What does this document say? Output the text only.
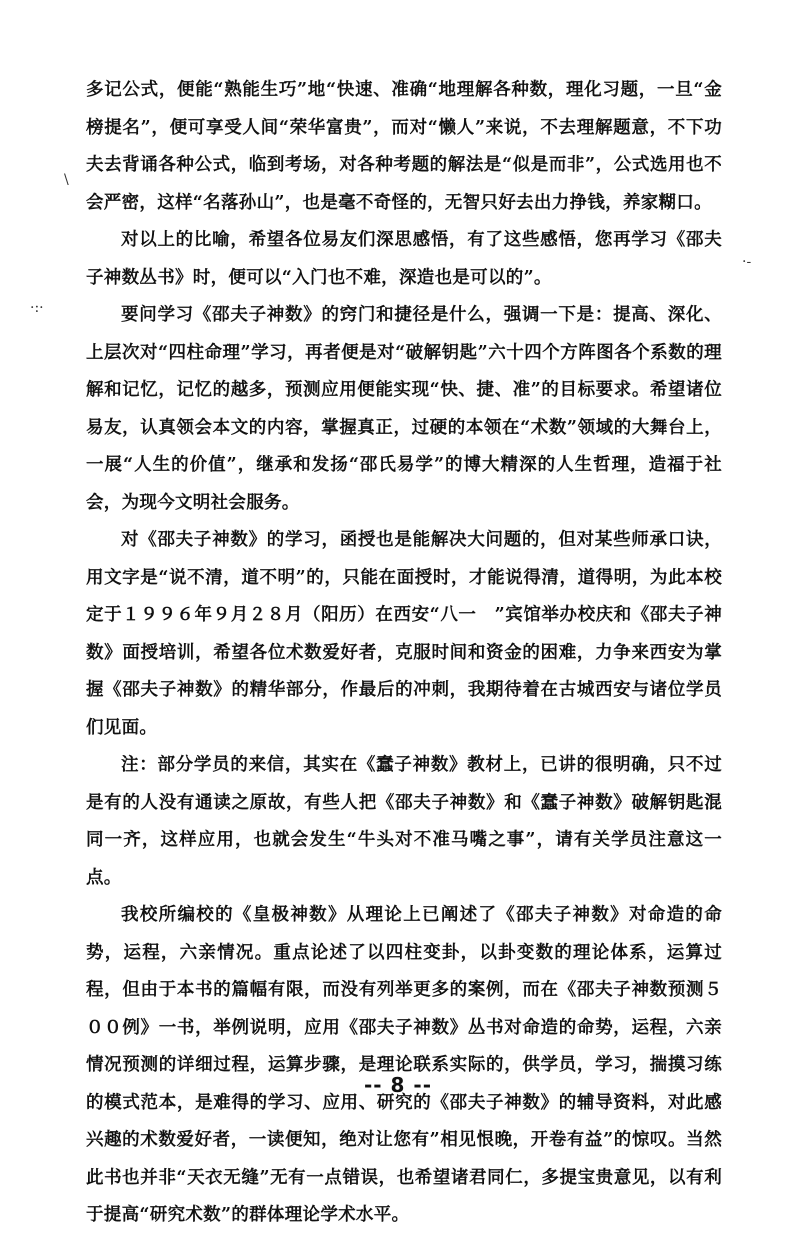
多记公式，便能“熟能生巧”地“快速、准确“地理解各种数，理化习题，一旦“金榜提名”，便可享受人间“荣华富贵”，而对“懒人”来说，不去理解题意，不下功夫去背诵各种公式，临到考场，对各种考题的解法是“似是而非”，公式选用也不会严密，这样“名落孙山”，也是毫不奇怪的，无智只好去出力挣钱，养家糊口。

对以上的比喻，希望各位易友们深思感悟，有了这些感悟，您再学习《邵夫子神数丛书》时，便可以“入门也不难，深造也是可以的”。

要问学习《邵夫子神数》的窍门和捷径是什么，强调一下是：提高、深化、上层次对“四柱命理”学习，再者便是对“破解钥匙”六十四个方阵图各个系数的理解和记忆，记忆的越多，预测应用便能实现“快、捷、准”的目标要求。希望诸位易友，认真领会本文的内容，掌握真正，过硬的本领在“术数”领域的大舞台上，一展“人生的价值”，继承和发扬“邵氏易学”的博大精深的人生哲理，造福于社会，为现今文明社会服务。

对《邵夫子神数》的学习，函授也是能解决大问题的，但对某些师承口诀，用文字是“说不清，道不明”的，只能在面授时，才能说得清，道得明，为此本校定于１９９６年９月２８月（阳历）在西安“八一　”宾馆举办校庆和《邵夫子神数》面授培训，希望各位术数爱好者，克服时间和资金的困难，力争来西安为掌握《邵夫子神数》的精华部分，作最后的冲刺，我期待着在古城西安与诸位学员们见面。

注：部分学员的来信，其实在《蠢子神数》教材上，已讲的很明确，只不过是有的人没有通读之原故，有些人把《邵夫子神数》和《蠢子神数》破解钥匙混同一齐，这样应用，也就会发生“牛头对不准马嘴之事”，请有关学员注意这一点。

我校所编校的《皇极神数》从理论上已阐述了《邵夫子神数》对命造的命势，运程，六亲情况。重点论述了以四柱变卦，以卦变数的理论体系，运算过程，但由于本书的篇幅有限，而没有列举更多的案例，而在《邵夫子神数预测５００例》一书，举例说明，应用《邵夫子神数》丛书对命造的命势，运程，六亲情况预测的详细过程，运算步骤，是理论联系实际的，供学员，学习，揣摸习练的模式范本，是难得的学习、应用、研究的《邵夫子神数》的辅导资料，对此感兴趣的术数爱好者，一读便知，绝对让您有”相见恨晚，开卷有益”的惊叹。当然此书也并非“天衣无缝”无有一点错误，也希望诸君同仁，多提宝贵意见，以有利于提高“研究术数”的群体理论学术水平。

·:·
\
·-
-- 8 --
